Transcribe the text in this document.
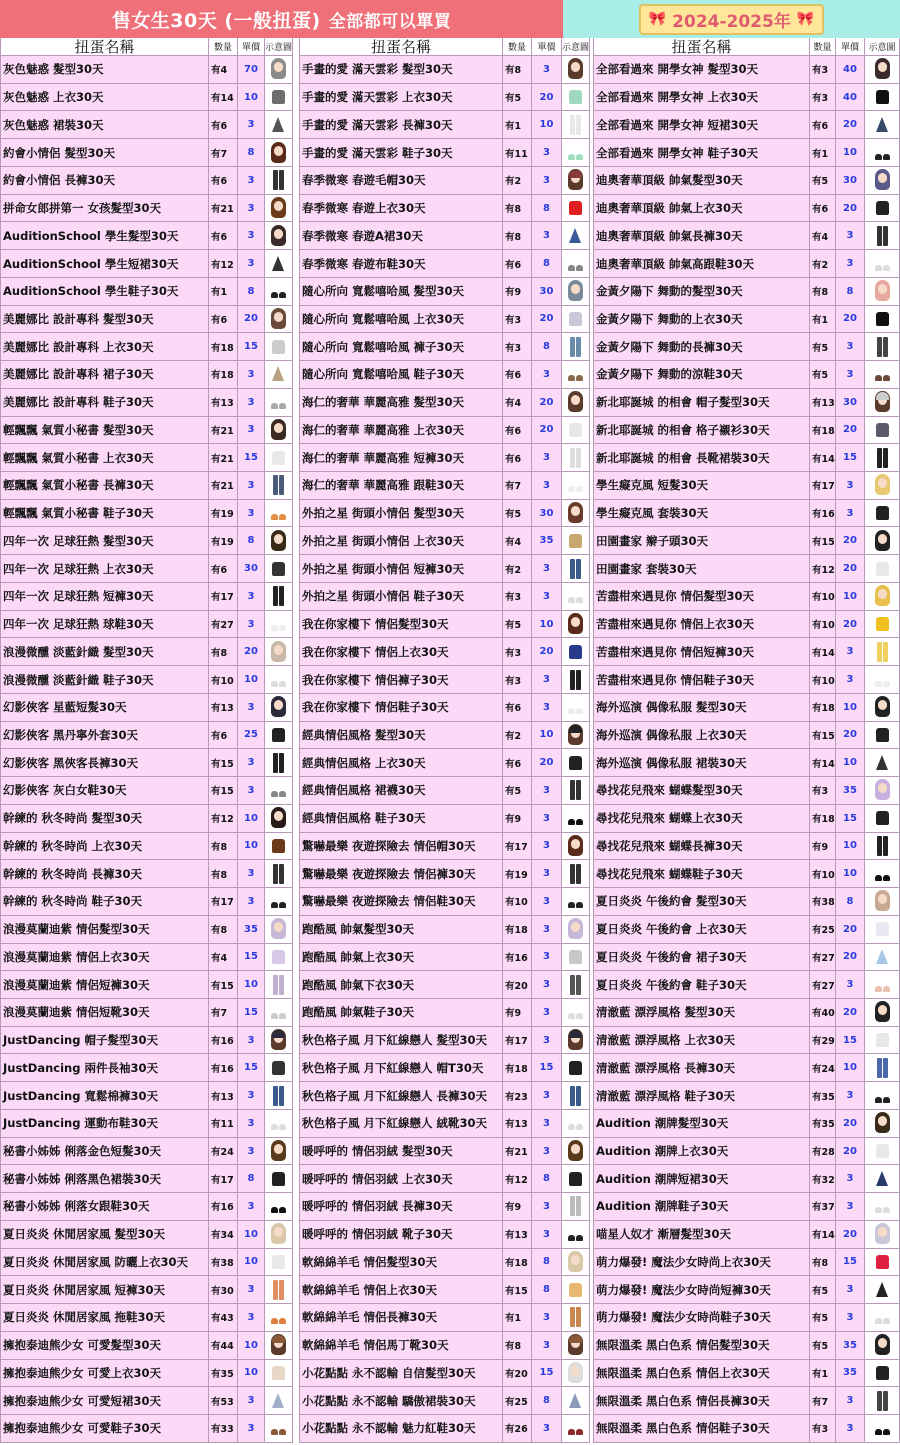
售女生30天 (一般扭蛋) 全部都可以單買	🎀 2024-2025年 🎀
扭蛋名稱	數量	單價 示意圖
灰色魅惑 髮型30天	有4	70
灰色魅惑 上衣30天	有14	10
灰色魅惑 裙裝30天	有6	3
約會小情侶 髮型30天	有7	8
約會小情侶 長褲30天	有6	3
拼命女郎拼第一 女孩髮型30天	有21	3
AuditionSchool 學生髮型30天	有6	3
AuditionSchool 學生短裙30天	有12	3
AuditionSchool 學生鞋子30天	有1	8
美麗娜比 設計專科 髮型30天	有6	20
美麗娜比 設計專科 上衣30天	有18	15
美麗娜比 設計專科 裙子30天	有18	3
美麗娜比 設計專科 鞋子30天	有13	3
輕飄飄 氣質小秘書 髮型30天	有21	3
輕飄飄 氣質小秘書 上衣30天	有21	15
輕飄飄 氣質小秘書 長褲30天	有21	3
輕飄飄 氣質小秘書 鞋子30天	有19	3
四年一次 足球狂熱 髮型30天	有19	8
四年一次 足球狂熱 上衣30天	有6	30
四年一次 足球狂熱 短褲30天	有17	3
四年一次 足球狂熱 球鞋30天	有27	3
浪漫微醺 淡藍針織 髮型30天	有8	20
浪漫微醺 淡藍針織 鞋子30天	有10	10
幻影俠客 星藍短髮30天	有13	3
幻影俠客 黑丹寧外套30天	有6	25
幻影俠客 黑俠客長褲30天	有15	3
幻影俠客 灰白女鞋30天	有15	3
幹練的 秋冬時尚 髮型30天	有12	10
幹練的 秋冬時尚 上衣30天	有8	10
幹練的 秋冬時尚 長褲30天	有8	3
幹練的 秋冬時尚 鞋子30天	有17	3
浪漫莫蘭迪紫 情侶髮型30天	有8	35
浪漫莫蘭迪紫 情侶上衣30天	有4	15
浪漫莫蘭迪紫 情侶短褲30天	有15	10
浪漫莫蘭迪紫 情侶短靴30天	有7	15
JustDancing 帽子髮型30天	有16	3
JustDancing 兩件長袖30天	有16	15
JustDancing 寬鬆棉褲30天	有13	3
JustDancing 運動布鞋30天	有11	3
秘書小姊姊 俐落金色短髮30天	有24	3
秘書小姊姊 俐落黑色裙裝30天	有17	8
秘書小姊姊 俐落女跟鞋30天	有16	3
夏日炎炎 休閒居家風 髮型30天	有34	10
夏日炎炎 休閒居家風 防曬上衣30天	有38	10
夏日炎炎 休閒居家風 短褲30天	有30	3
夏日炎炎 休閒居家風 拖鞋30天	有43	3
擁抱泰迪熊少女 可愛髮型30天	有44	10
擁抱泰迪熊少女 可愛上衣30天	有35	10
擁抱泰迪熊少女 可愛短裙30天	有53	3
擁抱泰迪熊少女 可愛鞋子30天	有33	3
扭蛋名稱	數量	單價 示意圖
手畫的愛 滿天雲彩 髮型30天	有8	3
手畫的愛 滿天雲彩 上衣30天	有5	20
手畫的愛 滿天雲彩 長褲30天	有1	10
手畫的愛 滿天雲彩 鞋子30天	有11	3
春季微寒 春遊毛帽30天	有2	3
春季微寒 春遊上衣30天	有8	8
春季微寒 春遊A裙30天	有8	3
春季微寒 春遊布鞋30天	有6	8
隨心所向 寬鬆嘻哈風 髮型30天	有9	30
隨心所向 寬鬆嘻哈風 上衣30天	有3	20
隨心所向 寬鬆嘻哈風 褲子30天	有3	8
隨心所向 寬鬆嘻哈風 鞋子30天	有6	3
海仁的奢華 華麗高雅 髮型30天	有4	20
海仁的奢華 華麗高雅 上衣30天	有6	20
海仁的奢華 華麗高雅 短褲30天	有6	3
海仁的奢華 華麗高雅 跟鞋30天	有7	3
外拍之星 街頭小情侶 髮型30天	有5	30
外拍之星 街頭小情侶 上衣30天	有4	35
外拍之星 街頭小情侶 短褲30天	有2	3
外拍之星 街頭小情侶 鞋子30天	有3	3
我在你家樓下 情侶髮型30天	有5	10
我在你家樓下 情侶上衣30天	有3	20
我在你家樓下 情侶褲子30天	有3	3
我在你家樓下 情侶鞋子30天	有6	3
經典情侶風格 髮型30天	有2	10
經典情侶風格 上衣30天	有6	20
經典情侶風格 裙襪30天	有5	3
經典情侶風格 鞋子30天	有9	3
驚嚇最樂 夜遊探險去 情侶帽30天	有17	3
驚嚇最樂 夜遊探險去 情侶褲30天	有19	3
驚嚇最樂 夜遊探險去 情侶鞋30天	有10	3
跑酷風 帥氣髮型30天	有18	3
跑酷風 帥氣上衣30天	有16	3
跑酷風 帥氣下衣30天	有20	3
跑酷風 帥氣鞋子30天	有9	3
秋色格子風 月下紅線戀人 髮型30天	有17	3
秋色格子風 月下紅線戀人 帽T30天	有18	15
秋色格子風 月下紅線戀人 長褲30天	有23	3
秋色格子風 月下紅線戀人 絨靴30天	有13	3
暖呼呼的 情侶羽絨 髮型30天	有21	3
暖呼呼的 情侶羽絨 上衣30天	有12	8
暖呼呼的 情侶羽絨 長褲30天	有9	3
暖呼呼的 情侶羽絨 靴子30天	有13	3
軟綿綿羊毛 情侶髮型30天	有18	8
軟綿綿羊毛 情侶上衣30天	有15	8
軟綿綿羊毛 情侶長褲30天	有1	3
軟綿綿羊毛 情侶馬丁靴30天	有8	3
小花點點 永不認輸 自信髮型30天	有20	15
小花點點 永不認輸 驕傲裙裝30天	有25	8
小花點點 永不認輸 魅力紅鞋30天	有26	3
扭蛋名稱	數量	單價	示意圖
全部看過來 開學女神 髮型30天	有3	40
全部看過來 開學女神 上衣30天	有3	40
全部看過來 開學女神 短裙30天	有6	20
全部看過來 開學女神 鞋子30天	有1	10
迪奧奢華頂級 帥氣髮型30天	有5	30
迪奧奢華頂級 帥氣上衣30天	有6	20
迪奧奢華頂級 帥氣長褲30天	有4	3
迪奧奢華頂級 帥氣高跟鞋30天	有2	3
金黃夕陽下 舞動的髮型30天	有8	8
金黃夕陽下 舞動的上衣30天	有1	20
金黃夕陽下 舞動的長褲30天	有5	3
金黃夕陽下 舞動的涼鞋30天	有5	3
新北耶誕城 的相會 帽子髮型30天	有13 30
新北耶誕城 的相會 格子襯衫30天	有18 20
新北耶誕城 的相會 長靴裙裝30天	有14 15
學生癡克風 短髮30天	有17	3
學生癡克風 套裝30天	有16	3
田園畫家 辮子頭30天	有15 20
田園畫家 套裝30天	有12 20
苦盡柑來遇見你 情侶髮型30天	有10 10
苦盡柑來遇見你 情侶上衣30天	有10 20
苦盡柑來遇見你 情侶短褲30天	有14	3
苦盡柑來遇見你 情侶鞋子30天	有10	3
海外巡演 偶像私服 髮型30天	有18 10
海外巡演 偶像私服 上衣30天	有15 20
海外巡演 偶像私服 裙裝30天	有14 10
尋找花兒飛來 蝴蝶髮型30天	有3	35
尋找花兒飛來 蝴蝶上衣30天	有18 15
尋找花兒飛來 蝴蝶長褲30天	有9	10
尋找花兒飛來 蝴蝶鞋子30天	有10 10
夏日炎炎 午後約會 髮型30天	有38	8
夏日炎炎 午後約會 上衣30天	有25 20
夏日炎炎 午後約會 裙子30天	有27 20
夏日炎炎 午後約會 鞋子30天	有27	3
清澈藍 漂浮風格 髮型30天	有40 20
清澈藍 漂浮風格 上衣30天	有29 15
清澈藍 漂浮風格 長褲30天	有24 10
清澈藍 漂浮風格 鞋子30天	有35	3
Audition 潮牌髮型30天	有35 20
Audition 潮牌上衣30天	有28 20
Audition 潮牌短裙30天	有32	3
Audition 潮牌鞋子30天	有37	3
喵星人奴才 漸層髮型30天	有14 20
萌力爆發! 魔法少女時尚上衣30天	有8	15
萌力爆發! 魔法少女時尚短褲30天	有5	3
萌力爆發! 魔法少女時尚鞋子30天	有5	3
無限溫柔 黑白色系 情侶髮型30天	有5	35
無限溫柔 黑白色系 情侶上衣30天	有1	35
無限溫柔 黑白色系 情侶長褲30天	有7	3
無限溫柔 黑白色系 情侶鞋子30天	有3	3
